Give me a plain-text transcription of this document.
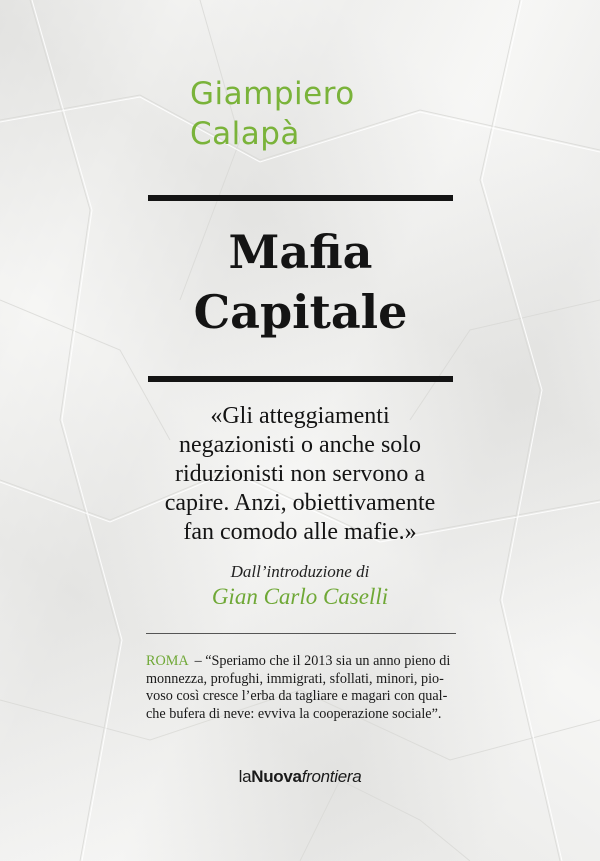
Giampiero
Calapà
Mafia
Capitale
«Gli atteggiamenti
negazionisti o anche solo
riduzionisti non servono a
capire. Anzi, obiettivamente
fan comodo alle mafie.»
Dall’introduzione di
Gian Carlo Caselli
ROMA – “Speriamo che il 2013 sia un anno pieno di
monnezza, profughi, immigrati, sfollati, minori, pio-
voso così cresce l’erba da tagliare e magari con qual-
che bufera di neve: evviva la cooperazione sociale”.
laNuovafrontiera
